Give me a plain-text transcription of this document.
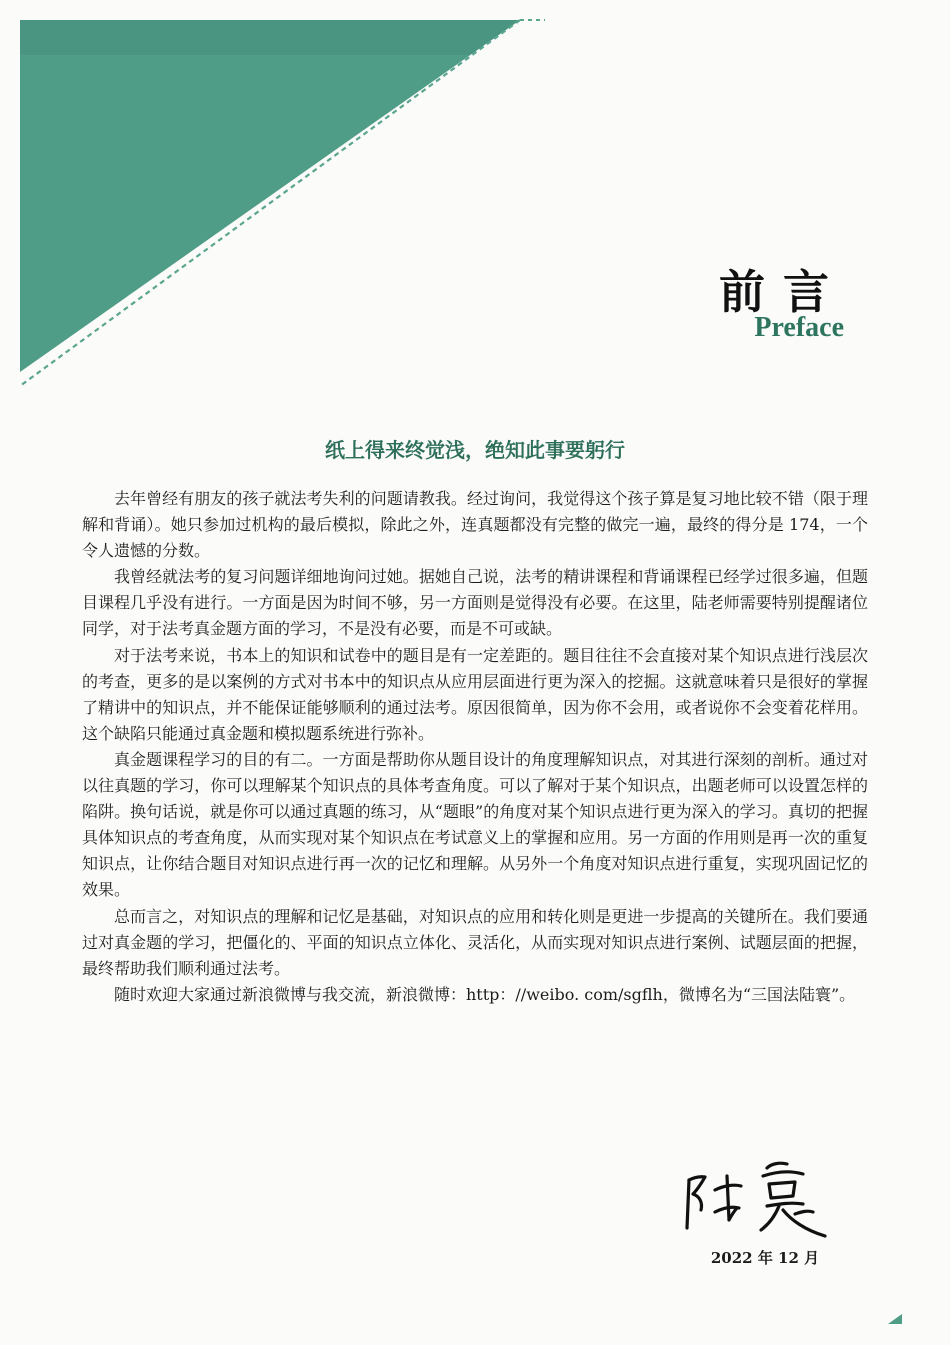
前言
Preface
纸上得来终觉浅，绝知此事要躬行

去年曾经有朋友的孩子就法考失利的问题请教我。经过询问，我觉得这个孩子算是复习地比较不错（限于理解和背诵）。她只参加过机构的最后模拟，除此之外，连真题都没有完整的做完一遍，最终的得分是 174，一个令人遗憾的分数。

我曾经就法考的复习问题详细地询问过她。据她自己说，法考的精讲课程和背诵课程已经学过很多遍，但题目课程几乎没有进行。一方面是因为时间不够，另一方面则是觉得没有必要。在这里，陆老师需要特别提醒诸位同学，对于法考真金题方面的学习，不是没有必要，而是不可或缺。

对于法考来说，书本上的知识和试卷中的题目是有一定差距的。题目往往不会直接对某个知识点进行浅层次的考查，更多的是以案例的方式对书本中的知识点从应用层面进行更为深入的挖掘。这就意味着只是很好的掌握了精讲中的知识点，并不能保证能够顺利的通过法考。原因很简单，因为你不会用，或者说你不会变着花样用。这个缺陷只能通过真金题和模拟题系统进行弥补。

真金题课程学习的目的有二。一方面是帮助你从题目设计的角度理解知识点，对其进行深刻的剖析。通过对以往真题的学习，你可以理解某个知识点的具体考查角度。可以了解对于某个知识点，出题老师可以设置怎样的陷阱。换句话说，就是你可以通过真题的练习，从“题眼”的角度对某个知识点进行更为深入的学习。真切的把握具体知识点的考查角度，从而实现对某个知识点在考试意义上的掌握和应用。另一方面的作用则是再一次的重复知识点，让你结合题目对知识点进行再一次的记忆和理解。从另外一个角度对知识点进行重复，实现巩固记忆的效果。

总而言之，对知识点的理解和记忆是基础，对知识点的应用和转化则是更进一步提高的关键所在。我们要通过对真金题的学习，把僵化的、平面的知识点立体化、灵活化，从而实现对知识点进行案例、试题层面的把握，最终帮助我们顺利通过法考。

随时欢迎大家通过新浪微博与我交流，新浪微博：http：//weibo. com/sgflh，微博名为“三国法陆寰”。

2022 年 12 月
